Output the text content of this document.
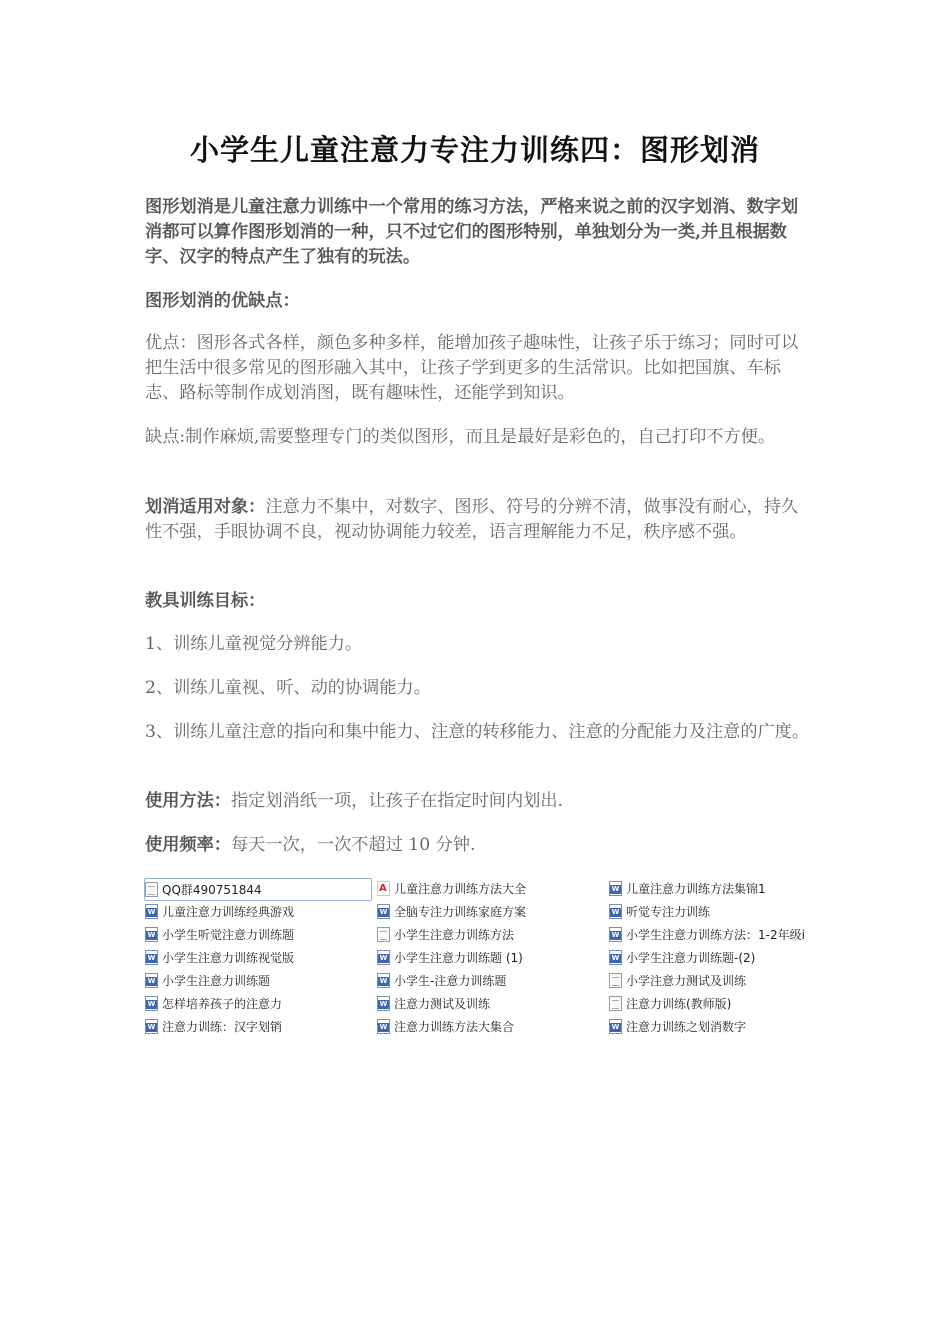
小学生儿童注意力专注力训练四：图形划消
图形划消是儿童注意力训练中一个常用的练习方法，严格来说之前的汉字划消、数字划消都可以算作图形划消的一种，只不过它们的图形特别，单独划分为一类,并且根据数字、汉字的特点产生了独有的玩法。
图形划消的优缺点：
优点：图形各式各样，颜色多种多样，能增加孩子趣味性，让孩子乐于练习；同时可以把生活中很多常见的图形融入其中，让孩子学到更多的生活常识。比如把国旗、车标志、路标等制作成划消图，既有趣味性，还能学到知识。
缺点:制作麻烦,需要整理专门的类似图形，而且是最好是彩色的，自己打印不方便。
划消适用对象：注意力不集中，对数字、图形、符号的分辨不清，做事没有耐心，持久性不强，手眼协调不良，视动协调能力较差，语言理解能力不足，秩序感不强。
教具训练目标：
1、训练儿童视觉分辨能力。
2、训练儿童视、听、动的协调能力。
3、训练儿童注意的指向和集中能力、注意的转移能力、注意的分配能力及注意的广度。
使用方法：指定划消纸一项，让孩子在指定时间内划出.
使用频率：每天一次，一次不超过 10 分钟.
QQ群490751844
W
儿童注意力训练经典游戏
W
小学生听觉注意力训练题
W
小学生注意力训练视觉版
W
小学生注意力训练题
W
怎样培养孩子的注意力
W
注意力训练：汉字划销
A
儿童注意力训练方法大全
W
全脑专注力训练家庭方案
小学生注意力训练方法
W
小学生注意力训练题 (1)
W
小学生-注意力训练题
W
注意力测试及训练
W
注意力训练方法大集合
W
儿童注意力训练方法集锦1
W
听觉专注力训练
W
小学生注意力训练方法：1-2年级i
W
小学生注意力训练题-(2)
小学注意力测试及训练
注意力训练(教师版)
W
注意力训练之划消数字
